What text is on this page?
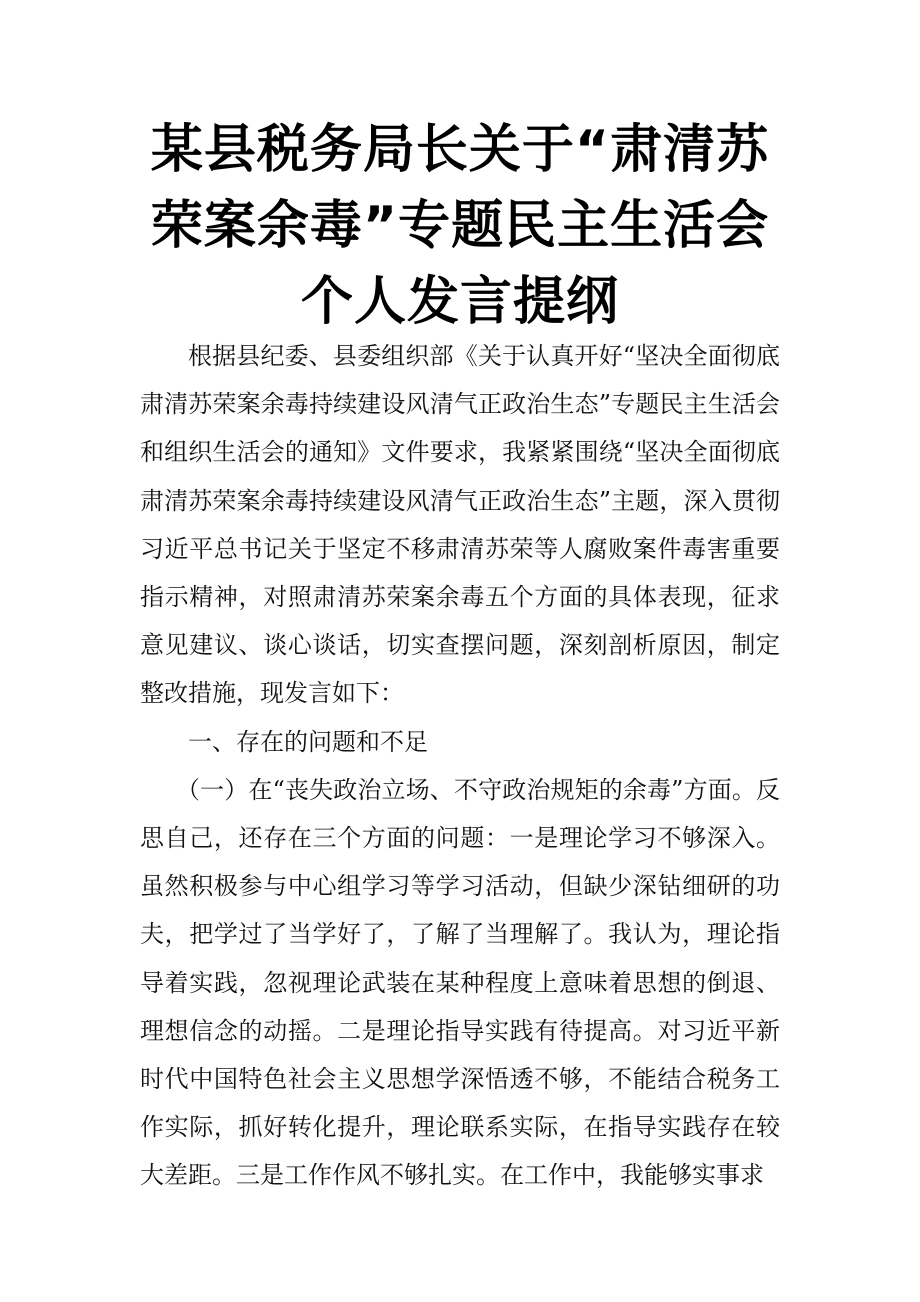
某县税务局长关于“肃清苏荣案余毒”专题民主生活会个人发言提纲

根据县纪委、县委组织部《关于认真开好“坚决全面彻底肃清苏荣案余毒持续建设风清气正政治生态”专题民主生活会和组织生活会的通知》文件要求，我紧紧围绕“坚决全面彻底肃清苏荣案余毒持续建设风清气正政治生态”主题，深入贯彻习近平总书记关于坚定不移肃清苏荣等人腐败案件毒害重要指示精神，对照肃清苏荣案余毒五个方面的具体表现，征求意见建议、谈心谈话，切实查摆问题，深刻剖析原因，制定整改措施，现发言如下：

一、存在的问题和不足

（一）在“丧失政治立场、不守政治规矩的余毒”方面。反思自己，还存在三个方面的问题：一是理论学习不够深入。虽然积极参与中心组学习等学习活动，但缺少深钻细研的功夫，把学过了当学好了，了解了当理解了。我认为，理论指导着实践，忽视理论武装在某种程度上意味着思想的倒退、理想信念的动摇。二是理论指导实践有待提高。对习近平新时代中国特色社会主义思想学深悟透不够，不能结合税务工作实际，抓好转化提升，理论联系实际，在指导实践存在较大差距。三是工作作风不够扎实。在工作中，我能够实事求
